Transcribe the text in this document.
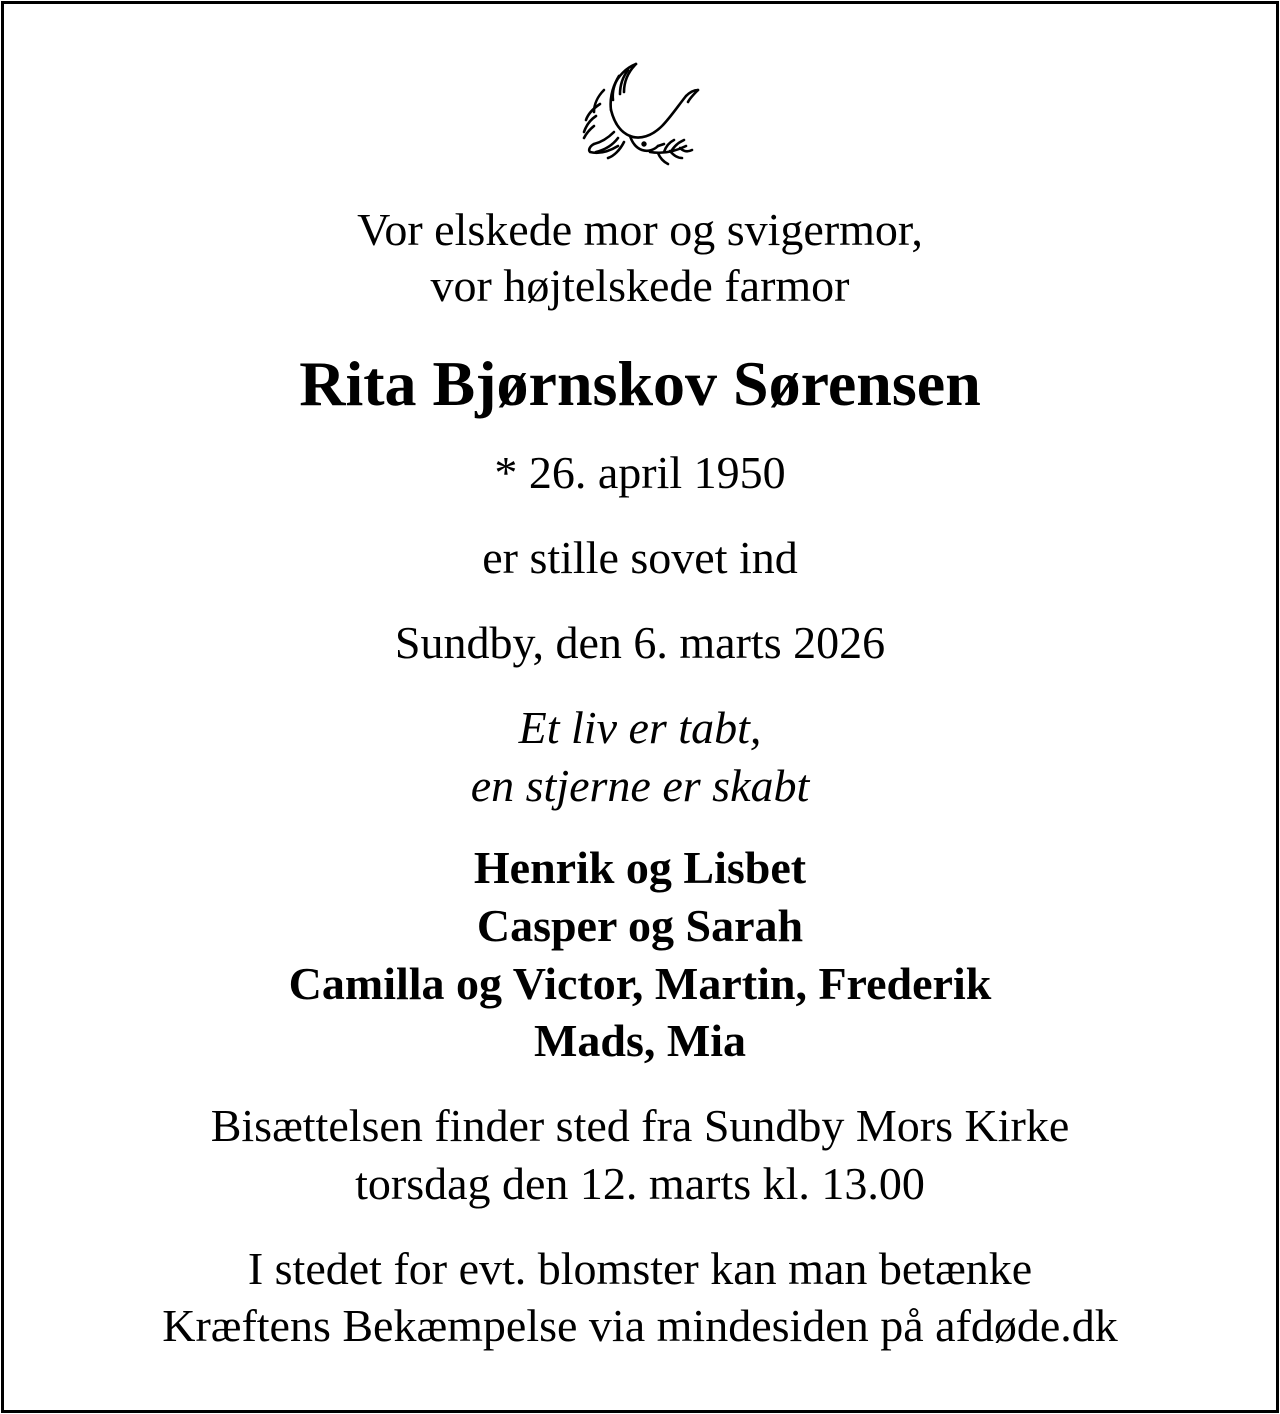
Vor elskede mor og svigermor,
vor højtelskede farmor
Rita Bjørnskov Sørensen
* 26. april 1950
er stille sovet ind
Sundby, den 6. marts 2026
Et liv er tabt,
en stjerne er skabt
Henrik og Lisbet
Casper og Sarah
Camilla og Victor, Martin, Frederik
Mads, Mia
Bisættelsen finder sted fra Sundby Mors Kirke
torsdag den 12. marts kl. 13.00
I stedet for evt. blomster kan man betænke
Kræftens Bekæmpelse via mindesiden på afdøde.dk
